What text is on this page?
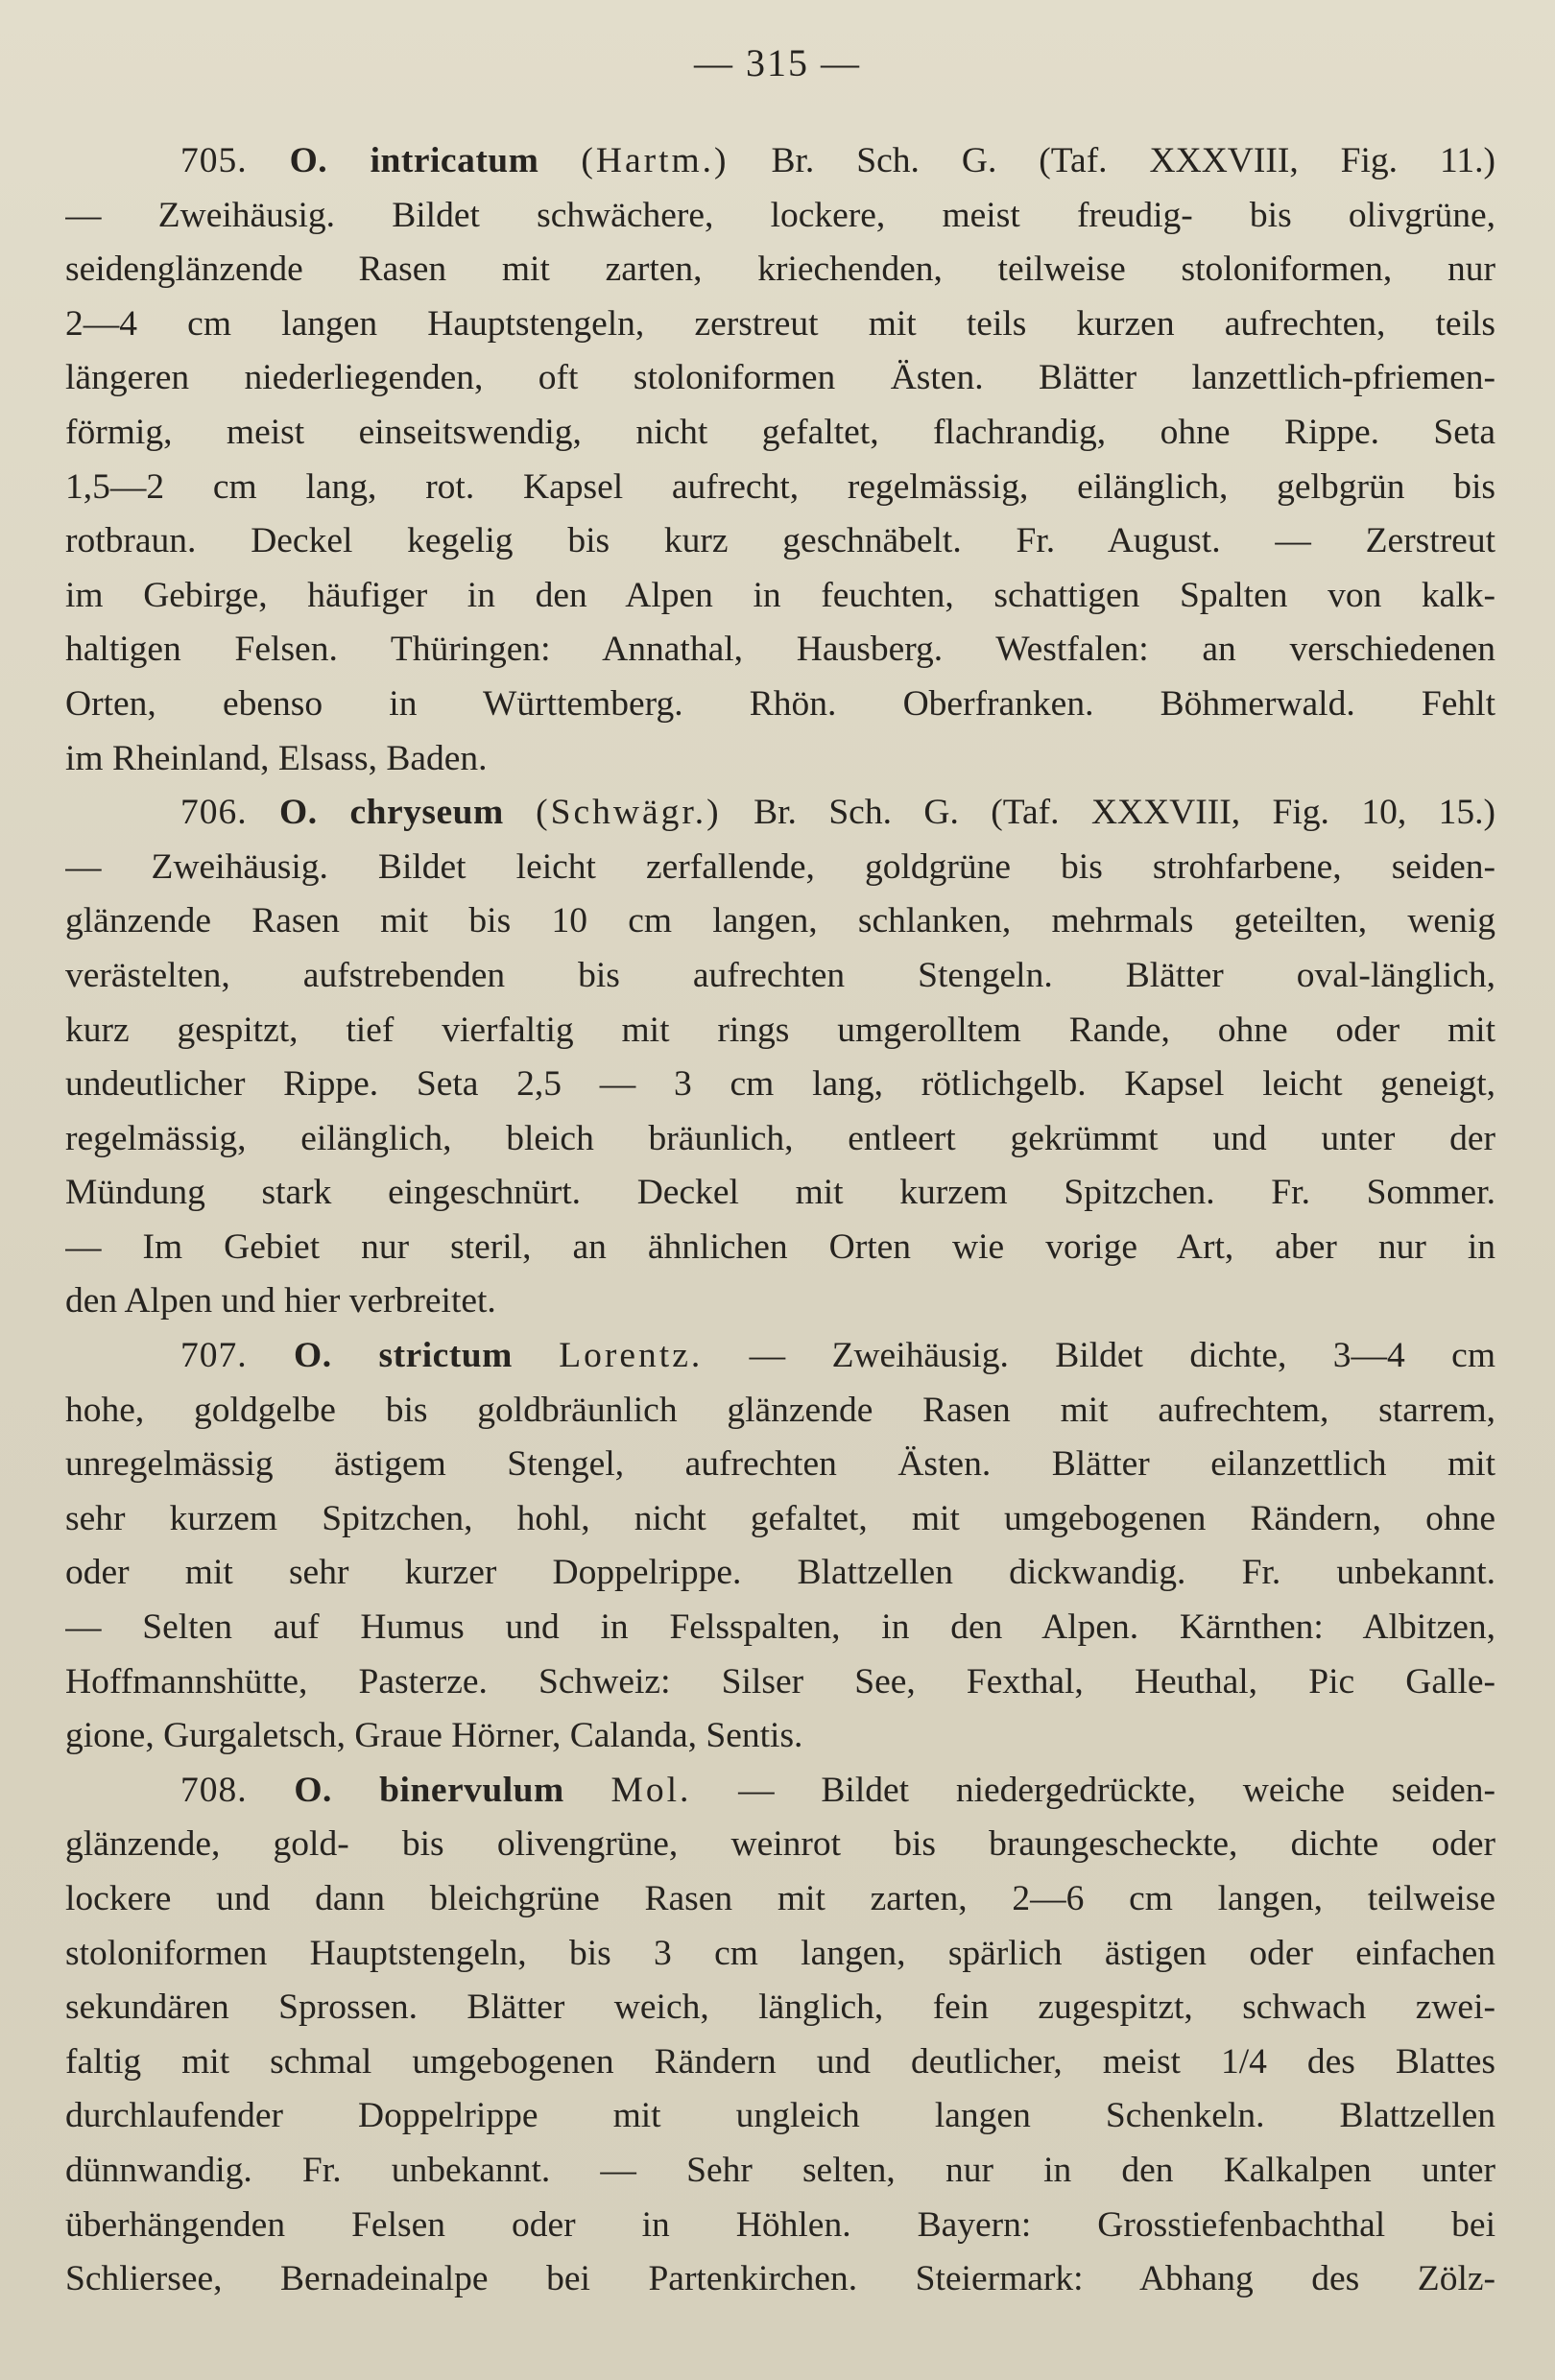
— 315 —
705. O. intricatum (Hartm.) Br. Sch. G. (Taf. XXXVIII, Fig. 11.)
— Zweihäusig. Bildet schwächere, lockere, meist freudig- bis olivgrüne,
seidenglänzende Rasen mit zarten, kriechenden, teilweise stoloniformen, nur
2—4 cm langen Hauptstengeln, zerstreut mit teils kurzen aufrechten, teils
längeren niederliegenden, oft stoloniformen Ästen. Blätter lanzettlich-pfriemen-
förmig, meist einseitswendig, nicht gefaltet, flachrandig, ohne Rippe. Seta
1,5—2 cm lang, rot. Kapsel aufrecht, regelmässig, eilänglich, gelbgrün bis
rotbraun. Deckel kegelig bis kurz geschnäbelt. Fr. August. — Zerstreut
im Gebirge, häufiger in den Alpen in feuchten, schattigen Spalten von kalk-
haltigen Felsen. Thüringen: Annathal, Hausberg. Westfalen: an verschiedenen
Orten, ebenso in Württemberg. Rhön. Oberfranken. Böhmerwald. Fehlt
im Rheinland, Elsass, Baden.
706. O. chryseum (Schwägr.) Br. Sch. G. (Taf. XXXVIII, Fig. 10, 15.)
— Zweihäusig. Bildet leicht zerfallende, goldgrüne bis strohfarbene, seiden-
glänzende Rasen mit bis 10 cm langen, schlanken, mehrmals geteilten, wenig
verästelten, aufstrebenden bis aufrechten Stengeln. Blätter oval-länglich,
kurz gespitzt, tief vierfaltig mit rings umgerolltem Rande, ohne oder mit
undeutlicher Rippe. Seta 2,5 — 3 cm lang, rötlichgelb. Kapsel leicht geneigt,
regelmässig, eilänglich, bleich bräunlich, entleert gekrümmt und unter der
Mündung stark eingeschnürt. Deckel mit kurzem Spitzchen. Fr. Sommer.
— Im Gebiet nur steril, an ähnlichen Orten wie vorige Art, aber nur in
den Alpen und hier verbreitet.
707. O. strictum Lorentz. — Zweihäusig. Bildet dichte, 3—4 cm
hohe, goldgelbe bis goldbräunlich glänzende Rasen mit aufrechtem, starrem,
unregelmässig ästigem Stengel, aufrechten Ästen. Blätter eilanzettlich mit
sehr kurzem Spitzchen, hohl, nicht gefaltet, mit umgebogenen Rändern, ohne
oder mit sehr kurzer Doppelrippe. Blattzellen dickwandig. Fr. unbekannt.
— Selten auf Humus und in Felsspalten, in den Alpen. Kärnthen: Albitzen,
Hoffmannshütte, Pasterze. Schweiz: Silser See, Fexthal, Heuthal, Pic Galle-
gione, Gurgaletsch, Graue Hörner, Calanda, Sentis.
708. O. binervulum Mol. — Bildet niedergedrückte, weiche seiden-
glänzende, gold- bis olivengrüne, weinrot bis braungescheckte, dichte oder
lockere und dann bleichgrüne Rasen mit zarten, 2—6 cm langen, teilweise
stoloniformen Hauptstengeln, bis 3 cm langen, spärlich ästigen oder einfachen
sekundären Sprossen. Blätter weich, länglich, fein zugespitzt, schwach zwei-
faltig mit schmal umgebogenen Rändern und deutlicher, meist 1/4 des Blattes
durchlaufender Doppelrippe mit ungleich langen Schenkeln. Blattzellen
dünnwandig. Fr. unbekannt. — Sehr selten, nur in den Kalkalpen unter
überhängenden Felsen oder in Höhlen. Bayern: Grosstiefenbachthal bei
Schliersee, Bernadeinalpe bei Partenkirchen. Steiermark: Abhang des Zölz-
